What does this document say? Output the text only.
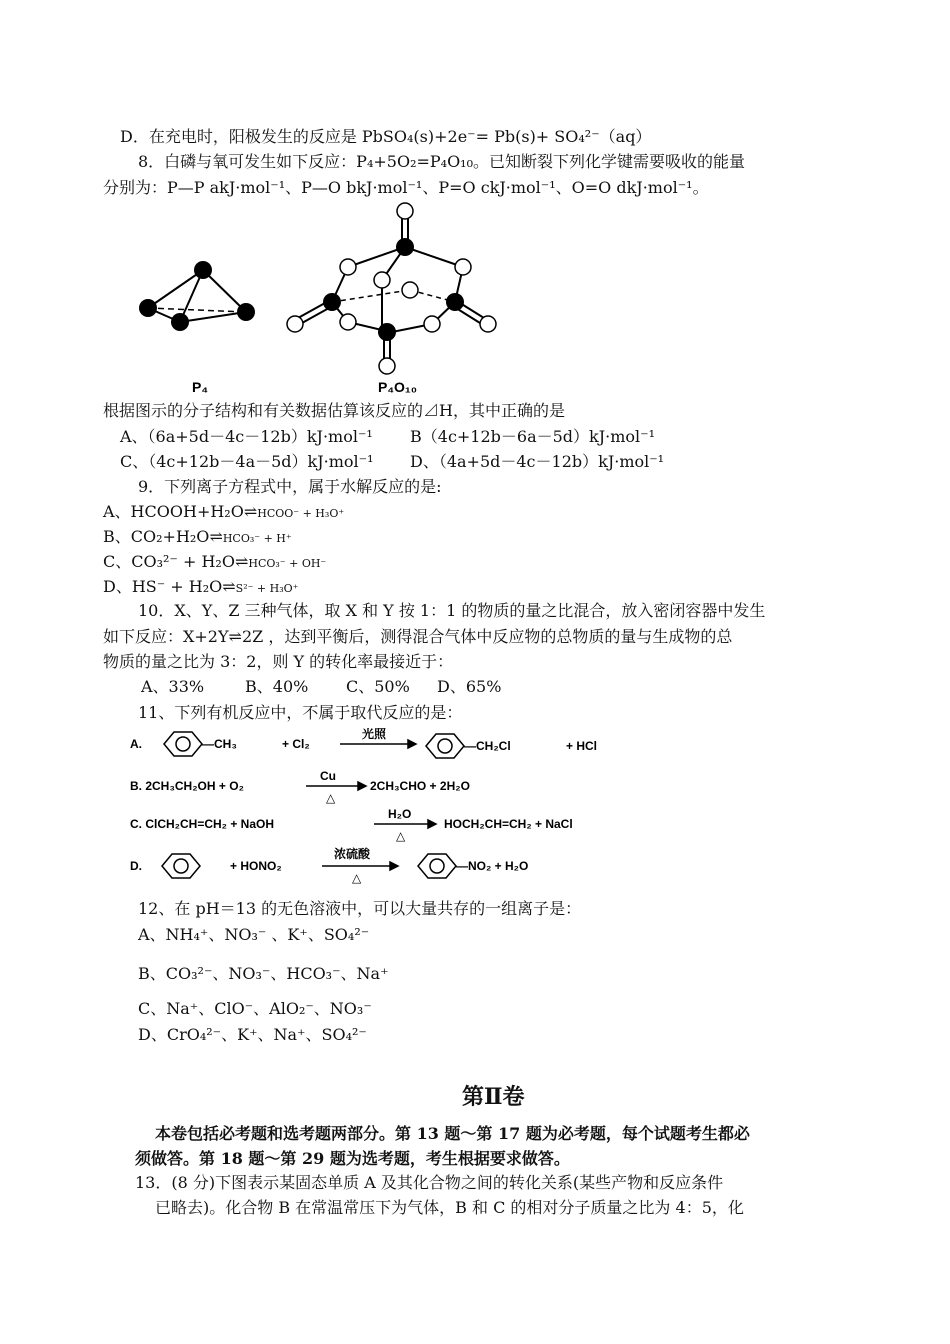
D．在充电时，阳极发生的反应是 PbSO₄(s)+2e⁻= Pb(s)+ SO₄²⁻（aq）
8．白磷与氧可发生如下反应：P₄+5O₂=P₄O₁₀。已知断裂下列化学键需要吸收的能量
分别为：P—P akJ·mol⁻¹、P—O bkJ·mol⁻¹、P=O ckJ·mol⁻¹、O=O dkJ·mol⁻¹。
P₄	P₄O₁₀
根据图示的分子结构和有关数据估算该反应的⊿H，其中正确的是
A、（6a+5d－4c－12b）kJ·mol⁻¹ B（4c+12b－6a－5d）kJ·mol⁻¹
C、（4c+12b－4a－5d）kJ·mol⁻¹ D、（4a+5d－4c－12b）kJ·mol⁻¹
9．下列离子方程式中，属于水解反应的是:
A、HCOOH+H₂O⇌HCOO⁻ + H₃O⁺
B、CO₂+H₂O⇌HCO₃⁻ + H⁺
C、CO₃²⁻ + H₂O⇌HCO₃⁻ + OH⁻
D、HS⁻ + H₂O⇌S²⁻ + H₃O⁺
10．X、Y、Z 三种气体，取 X 和 Y 按 1：1 的物质的量之比混合，放入密闭容器中发生
如下反应：X+2Y⇌2Z ，达到平衡后，测得混合气体中反应物的总物质的量与生成物的总
物质的量之比为 3：2，则 Y 的转化率最接近于：
A、33%	B、40% C、50% D、65%
11、下列有机反应中，不属于取代反应的是：
A.	—CH₃	+ Cl₂
光照
—CH₂Cl	+ HCl
B. 2CH₃CH₂OH + O₂
Cu
△
2CH₃CHO + 2H₂O
C. ClCH₂CH=CH₂ + NaOH
H₂O
△
HOCH₂CH=CH₂ + NaCl
D.	+ HONO₂
浓硫酸
△
—NO₂ + H₂O
12、在 pH＝13 的无色溶液中，可以大量共存的一组离子是：
A、NH₄⁺、NO₃⁻ 、K⁺、SO₄²⁻
B、CO₃²⁻、NO₃⁻、HCO₃⁻、Na⁺
C、Na⁺、ClO⁻、AlO₂⁻、NO₃⁻
D、CrO₄²⁻、K⁺、Na⁺、SO₄²⁻
第Ⅱ卷
本卷包括必考题和选考题两部分。第 13 题～第 17 题为必考题，每个试题考生都必
须做答。第 18 题～第 29 题为选考题，考生根据要求做答。
13．(8 分)下图表示某固态单质 A 及其化合物之间的转化关系(某些产物和反应条件
已略去)。化合物 B 在常温常压下为气体，B 和 C 的相对分子质量之比为 4：5，化
